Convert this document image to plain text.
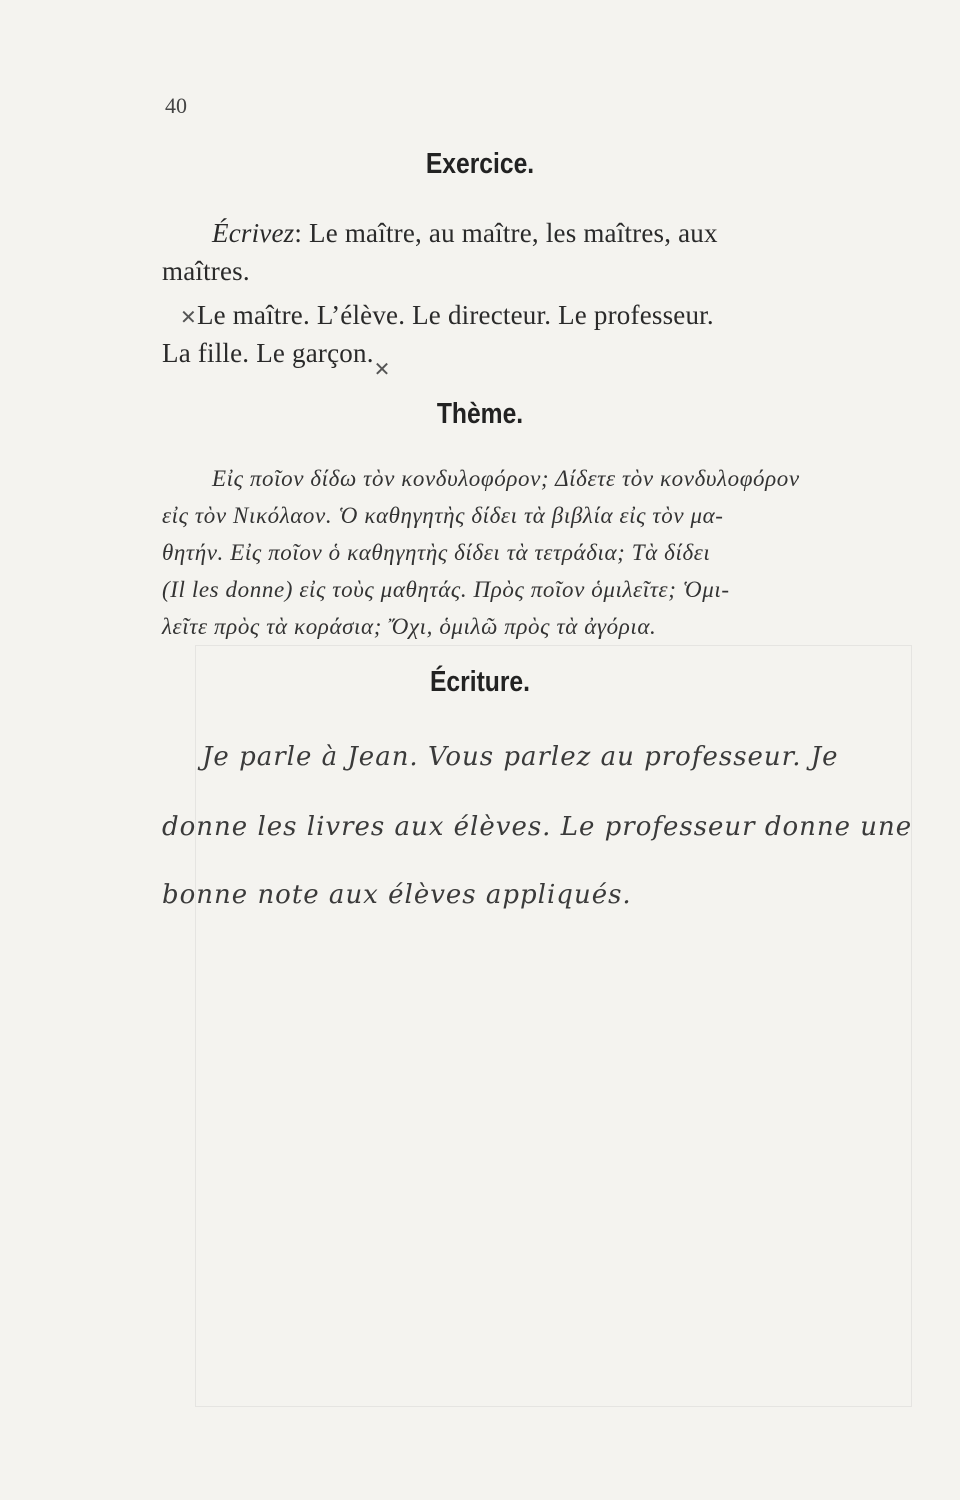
40
Exercice.
Écrivez: Le maître, au maître, les maîtres, aux
maîtres.
✕Le maître. L’élève. Le directeur. Le professeur.
La fille. Le $garçon._✕$
Thème.
Εἰς ποῖον δίδω τὸν κονδυλοφόρον; Δίδετε τὸν κονδυλοφόρον
εἰς τὸν Νικόλαον. Ὁ καθηγητὴς δίδει τὰ βιβλία εἰς τὸν μα-
θητήν. Εἰς ποῖον ὁ καθηγητὴς δίδει τὰ τετράδια; Τὰ δίδει
(Il les donne) εἰς τοὺς μαθητάς. Πρὸς ποῖον ὁμιλεῖτε; Ὁμι-
λεῖτε πρὸς τὰ κοράσια; Ὄχι, ὁμιλῶ πρὸς τὰ ἀγόρια.
Écriture.
Je parle à Jean. Vous parlez au professeur. Je
donne les livres aux élèves. Le professeur donne une
bonne note aux élèves appliqués.
